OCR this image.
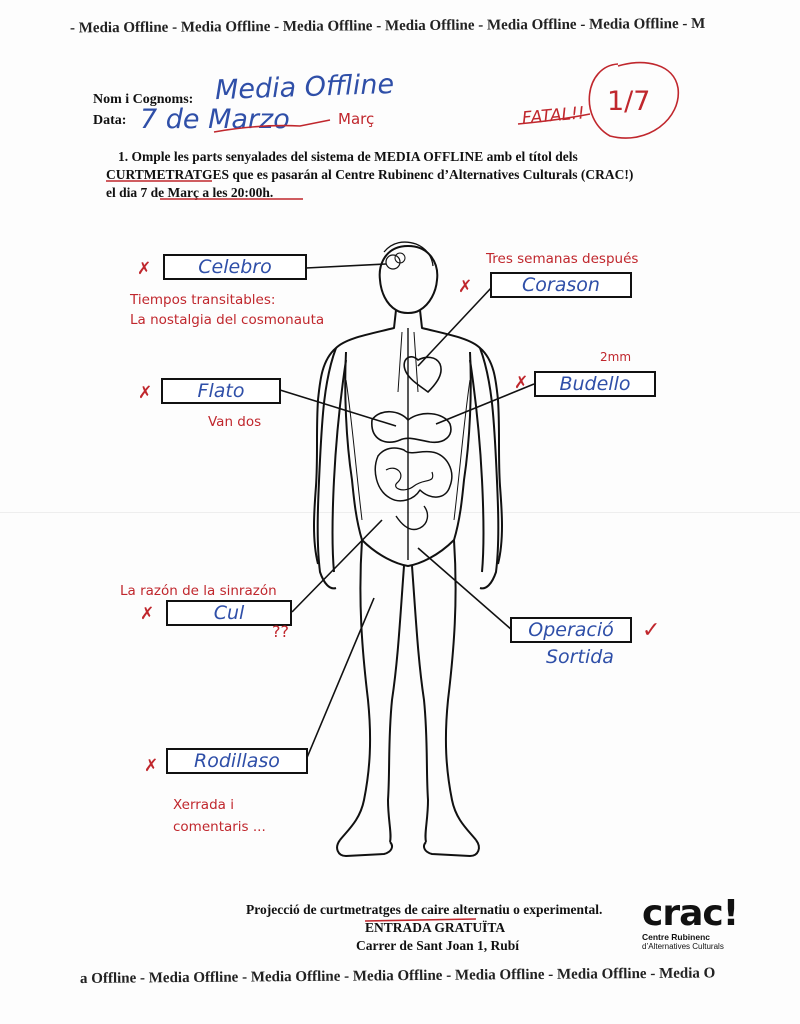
- Media Offline - Media Offline - Media Offline - Media Offline - Media Offline - Media Offline - M
Nom i Cognoms: Media Offline
Data: 7 de Marzo	Març	FATAL!! 1/7
1. Omple les parts senyalades del sistema de MEDIA OFFLINE amb el títol dels
CURTMETRATGES que es pasarán al Centre Rubinenc d’Alternatives Culturals (CRAC!)
el dia 7 de Març a les 20:00h.
Celebro
Corason
Flato	Budello
Cul
Operació
Sortida
Rodillaso
✗
✗
✗	✗
✗
✓
✗
Tiempos transitables:
La nostalgia del cosmonauta
Tres semanas después
Van dos
2mm
La razón de la sinrazón
??
Xerrada i
comentaris ...
Projecció de curtmetratges de caire alternatiu o experimental.
ENTRADA GRATUÏTA
Carrer de Sant Joan 1, Rubí
crac!
Centre Rubinenc
d’Alternatives Culturals
a Offline - Media Offline - Media Offline - Media Offline - Media Offline - Media Offline - Media O
